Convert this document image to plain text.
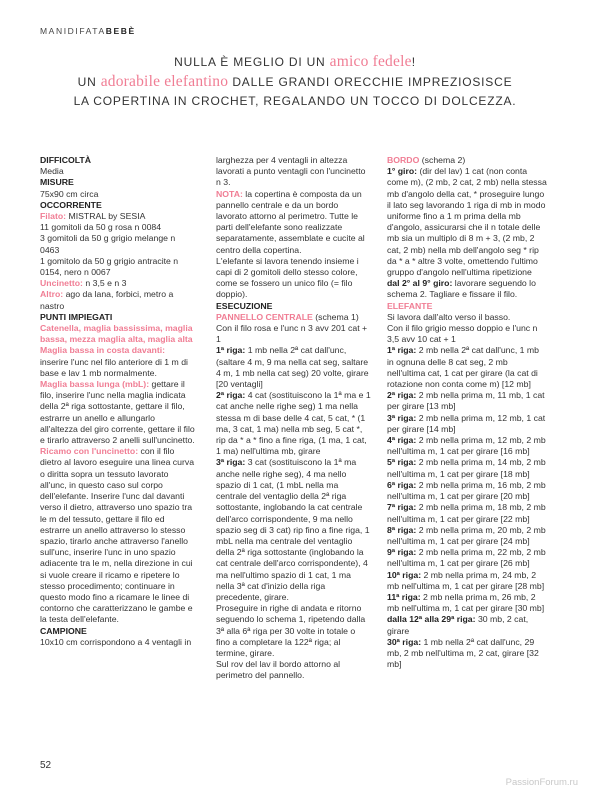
MANIDIFATABEBÈ
NULLA È MEGLIO DI UN amico fedele!
UN adorabile elefantino DALLE GRANDI ORECCHIE IMPREZIOSISCE
LA COPERTINA IN CROCHET, REGALANDO UN TOCCO DI DOLCEZZA.

DIFFICOLTÀ

Media

MISURE

75x90 cm circa

OCCORRENTE

Filato: MISTRAL by SESIA

11 gomitoli da 50 g rosa n 0084

3 gomitoli da 50 g grigio melange n 0463

1 gomitolo da 50 g grigio antracite n 0154, nero n 0067

Uncinetto: n 3,5 e n 3

Altro: ago da lana, forbici, metro a nastro

PUNTI IMPIEGATI

Catenella, maglia bassissima, maglia bassa, mezza maglia alta, maglia alta

Maglia bassa in costa davanti: inserire l'unc nel filo anteriore di 1 m di base e lav 1 mb normalmente.

Maglia bassa lunga (mbL): gettare il filo, inserire l'unc nella maglia indicata della 2ª riga sottostante, gettare il filo, estrarre un anello e allungarlo all'altezza del giro corrente, gettare il filo e tirarlo attraverso 2 anelli sull'uncinetto.

Ricamo con l'uncinetto: con il filo dietro al lavoro eseguire una linea curva o diritta sopra un tessuto lavorato all'unc, in questo caso sul corpo dell'elefante. Inserire l'unc dal davanti verso il dietro, attraverso uno spazio tra le m del tessuto, gettare il filo ed estrarre un anello attraverso lo stesso spazio, tirarlo anche attraverso l'anello sull'unc, inserire l'unc in uno spazio adiacente tra le m, nella direzione in cui si vuole creare il ricamo e ripetere lo stesso procedimento; continuare in questo modo fino a ricamare le linee di contorno che caratterizzano le gambe e la testa dell'elefante.

CAMPIONE

10x10 cm corrispondono a 4 ventagli in

larghezza per 4 ventagli in altezza lavorati a punto ventagli con l'uncinetto n 3.

NOTA: la copertina è composta da un pannello centrale e da un bordo lavorato attorno al perimetro. Tutte le parti dell'elefante sono realizzate separatamente, assemblate e cucite al centro della copertina.

L'elefante si lavora tenendo insieme i capi di 2 gomitoli dello stesso colore, come se fossero un unico filo (= filo doppio).

ESECUZIONE

PANNELLO CENTRALE (schema 1)

Con il filo rosa e l'unc n 3 avv 201 cat + 1

1ª riga: 1 mb nella 2ª cat dall'unc, (saltare 4 m, 9 ma nella cat seg, saltare 4 m, 1 mb nella cat seg) 20 volte, girare [20 ventagli]

2ª riga: 4 cat (sostituiscono la 1ª ma e 1 cat anche nelle righe seg) 1 ma nella stessa m di base delle 4 cat, 5 cat, * (1 ma, 3 cat, 1 ma) nella mb seg, 5 cat *, rip da * a * fino a fine riga, (1 ma, 1 cat, 1 ma) nell'ultima mb, girare

3ª riga: 3 cat (sostituiscono la 1ª ma anche nelle righe seg), 4 ma nello spazio di 1 cat, (1 mbL nella ma centrale del ventaglio della 2ª riga sottostante, inglobando la cat centrale dell'arco corrispondente, 9 ma nello spazio seg di 3 cat) rip fino a fine riga, 1 mbL nella ma centrale del ventaglio della 2ª riga sottostante (inglobando la cat centrale dell'arco corrispondente), 4 ma nell'ultimo spazio di 1 cat, 1 ma nella 3ª cat d'inizio della riga precedente, girare.

Proseguire in righe di andata e ritorno seguendo lo schema 1, ripetendo dalla 3ª alla 6ª riga per 30 volte in totale o fino a completare la 122ª riga; al termine, girare.

Sul rov del lav il bordo attorno al perimetro del pannello.

BORDO (schema 2)

1° giro: (dir del lav) 1 cat (non conta come m), (2 mb, 2 cat, 2 mb) nella stessa mb d'angolo della cat, * proseguire lungo il lato seg lavorando 1 riga di mb in modo uniforme fino a 1 m prima della mb d'angolo, assicurarsi che il n totale delle mb sia un multiplo di 8 m + 3, (2 mb, 2 cat, 2 mb) nella mb dell'angolo seg * rip da * a * altre 3 volte, omettendo l'ultimo gruppo d'angolo nell'ultima ripetizione

dal 2° al 9° giro: lavorare seguendo lo schema 2. Tagliare e fissare il filo.

ELEFANTE

Si lavora dall'alto verso il basso.

Con il filo grigio messo doppio e l'unc n 3,5 avv 10 cat + 1

1ª riga: 2 mb nella 2ª cat dall'unc, 1 mb in ognuna delle 8 cat seg, 2 mb nell'ultima cat, 1 cat per girare (la cat di rotazione non conta come m) [12 mb]

2ª riga: 2 mb nella prima m, 11 mb, 1 cat per girare [13 mb]

3ª riga: 2 mb nella prima m, 12 mb, 1 cat per girare [14 mb]

4ª riga: 2 mb nella prima m, 12 mb, 2 mb nell'ultima m, 1 cat per girare [16 mb]

5ª riga: 2 mb nella prima m, 14 mb, 2 mb nell'ultima m, 1 cat per girare [18 mb]

6ª riga: 2 mb nella prima m, 16 mb, 2 mb nell'ultima m, 1 cat per girare [20 mb]

7ª riga: 2 mb nella prima m, 18 mb, 2 mb nell'ultima m, 1 cat per girare [22 mb]

8ª riga: 2 mb nella prima m, 20 mb, 2 mb nell'ultima m, 1 cat per girare [24 mb]

9ª riga: 2 mb nella prima m, 22 mb, 2 mb nell'ultima m, 1 cat per girare [26 mb]

10ª riga: 2 mb nella prima m, 24 mb, 2 mb nell'ultima m, 1 cat per girare [28 mb]

11ª riga: 2 mb nella prima m, 26 mb, 2 mb nell'ultima m, 1 cat per girare [30 mb]

dalla 12ª alla 29ª riga: 30 mb, 2 cat, girare

30ª riga: 1 mb nella 2ª cat dall'unc, 29 mb, 2 mb nell'ultima m, 2 cat, girare [32 mb]

52
PassionForum.ru
